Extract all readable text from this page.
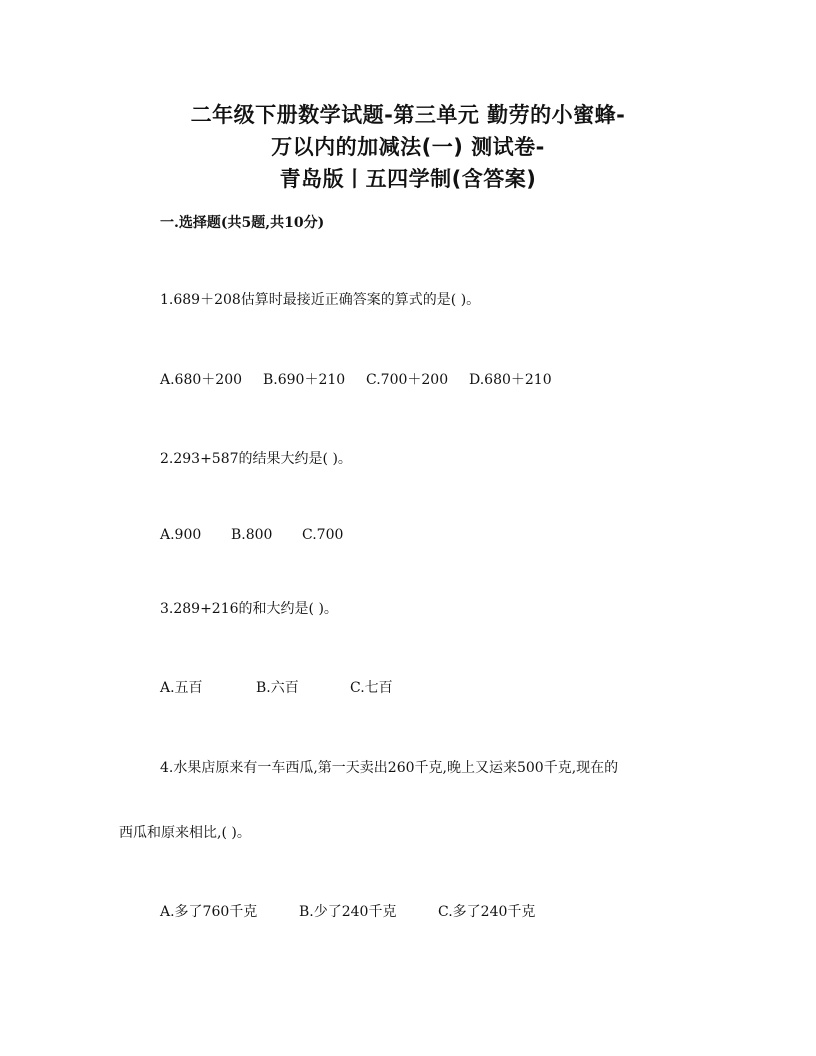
二年级下册数学试题-第三单元 勤劳的小蜜蜂-
万以内的加减法(一) 测试卷-
青岛版丨五四学制(含答案)
一.选择题(共5题,共10分)
1.689＋208估算时最接近正确答案的算式的是( )。
A.680＋200 B.690＋210 C.700＋200 D.680＋210
2.293+587的结果大约是( )。
A.900 B.800 C.700
3.289+216的和大约是( )。
A.五百	B.六百	C.七百
4.水果店原来有一车西瓜,第一天卖出260千克,晚上又运来500千克,现在的
西瓜和原来相比,( )。
A.多了760千克	B.少了240千克	C.多了240千克
